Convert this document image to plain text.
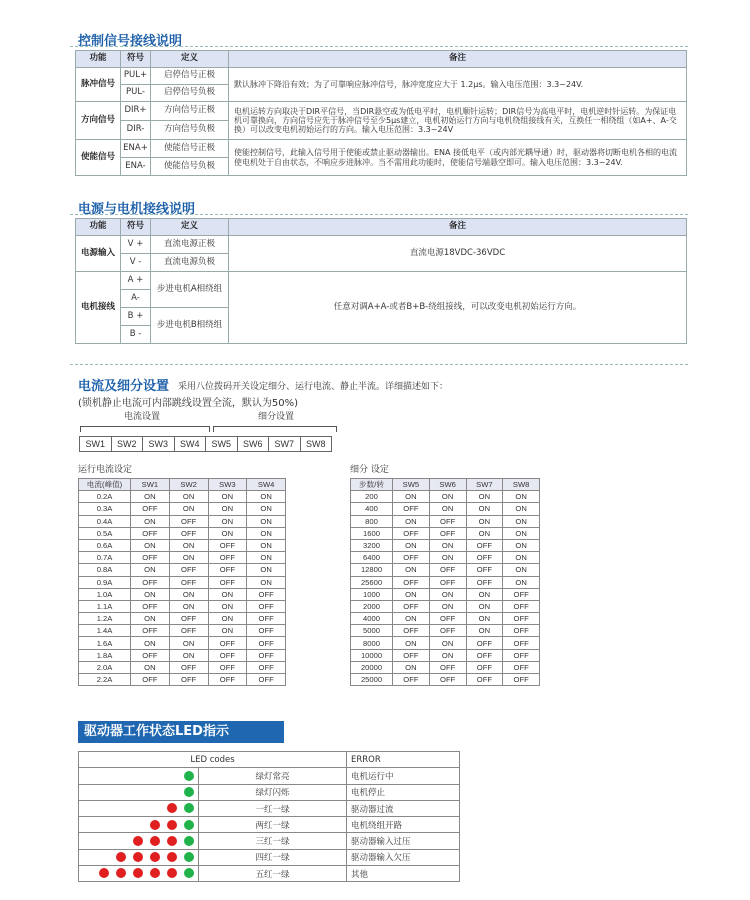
控制信号接线说明
功能	符号	定义	备注
脉冲信号	PUL+	启停信号正极	默认脉冲下降沿有效；为了可靠响应脉冲信号，脉冲宽度应大于 1.2μs。输入电压范围：3.3~24V.
	PUL-	启停信号负极	
方向信号	DIR+	方向信号正极	电机运转方向取决于DIR平信号，当DIR悬空或为低电平时，电机顺针运转；DIR信号为高电平时，电机逆时针运转。为保证电机可靠换向，方向信号应先于脉冲信号至少5μs建立，电机初始运行方向与电机绕组接线有关，互换任一相绕组（如A+、A-交换）可以改变电机初始运行的方向。输入电压范围：3.3~24V
	DIR-	方向信号负极	
使能信号	ENA+	使能信号正极	使能控制信号，此输入信号用于使能或禁止驱动器输出。ENA 接低电平（或内部光耦导通）时，驱动器将切断电机各相的电流使电机处于自由状态，不响应步进脉冲。当不需用此功能时，使能信号端悬空即可。输入电压范围：3.3~24V.
	ENA-	使能信号负极	
电源与电机接线说明
功能	符号	定义	备注
电源输入	V +	直流电源正极	直流电源18VDC-36VDC
	V -	直流电源负极	
电机接线	A +	步进电机A相绕组	任意对调A+A-或者B+B-绕组接线，可以改变电机初始运行方向。
	A-		
	B +	步进电机B相绕组	
	B -		
电流及细分设置 采用八位拨码开关设定细分、运行电流、静止半流。详细描述如下：
(锁机静止电流可内部跳线设置全流，默认为50%)
电流设置	细分设置
SW1	SW2	SW3	SW4	SW5	SW6	SW7	SW8
运行电流设定
电流(峰值)	SW1	SW2	SW3	SW4
0.2A	ON	ON	ON	ON
0.3A	OFF	ON	ON	ON
0.4A	ON	OFF	ON	ON
0.5A	OFF	OFF	ON	ON
0.6A	ON	ON	OFF	ON
0.7A	OFF	ON	OFF	ON
0.8A	ON	OFF	OFF	ON
0.9A	OFF	OFF	OFF	ON
1.0A	ON	ON	ON	OFF
1.1A	OFF	ON	ON	OFF
1.2A	ON	OFF	ON	OFF
1.4A	OFF	OFF	ON	OFF
1.6A	ON	ON	OFF	OFF
1.8A	OFF	ON	OFF	OFF
2.0A	ON	OFF	OFF	OFF
2.2A	OFF	OFF	OFF	OFF
细分 设定
步数/转	SW5	SW6	SW7	SW8
200	ON	ON	ON	ON
400	OFF	ON	ON	ON
800	ON	OFF	ON	ON
1600	OFF	OFF	ON	ON
3200	ON	ON	OFF	ON
6400	OFF	ON	OFF	ON
12800	ON	OFF	OFF	ON
25600	OFF	OFF	OFF	ON
1000	ON	ON	ON	OFF
2000	OFF	ON	ON	OFF
4000	ON	OFF	ON	OFF
5000	OFF	OFF	ON	OFF
8000	ON	ON	OFF	OFF
10000	OFF	ON	OFF	OFF
20000	ON	OFF	OFF	OFF
25000	OFF	OFF	OFF	OFF
驱动器工作状态LED指示
LED codes		ERROR
	绿灯常亮	电机运行中
	绿灯闪烁	电机停止
	一红一绿	驱动器过流
	两红一绿	电机绕组开路
	三红一绿	驱动器输入过压
	四红一绿	驱动器输入欠压
	五红一绿	其他
